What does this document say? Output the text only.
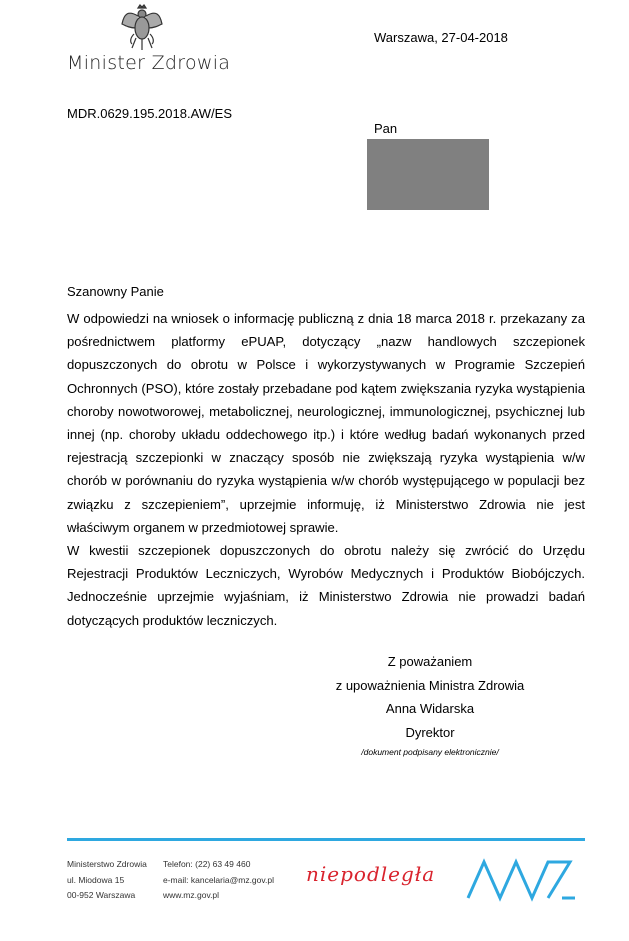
Minister Zdrowia
Warszawa, 27-04-2018
MDR.0629.195.2018.AW/ES
Pan
Szanowny Panie

W odpowiedzi na wniosek o informację publiczną z dnia 18 marca 2018 r. przekazany za pośrednictwem platformy ePUAP, dotyczący „nazw handlowych szczepionek dopuszczonych do obrotu w Polsce i wykorzystywanych w Programie Szczepień Ochronnych (PSO), które zostały przebadane pod kątem zwiększania ryzyka wystąpienia choroby nowotworowej, metabolicznej, neurologicznej, immunologicznej, psychicznej lub innej (np. choroby układu oddechowego itp.) i które według badań wykonanych przed rejestracją szczepionki w znaczący sposób nie zwiększają ryzyka wystąpienia w/w chorób w porównaniu do ryzyka wystąpienia w/w chorób występującego w populacji bez związku z szczepieniem”, uprzejmie informuję, iż Ministerstwo Zdrowia nie jest właściwym organem w przedmiotowej sprawie.

W kwestii szczepionek dopuszczonych do obrotu należy się zwrócić do Urzędu Rejestracji Produktów Leczniczych, Wyrobów Medycznych i Produktów Biobójczych. Jednocześnie uprzejmie wyjaśniam, iż Ministerstwo Zdrowia nie prowadzi badań dotyczących produktów leczniczych.

Z poważaniem
z upoważnienia Ministra Zdrowia
Anna Widarska
Dyrektor
/dokument podpisany elektronicznie/
Ministerstwo Zdrowia
ul. Miodowa 15
00-952 Warszawa
Telefon: (22) 63 49 460
e-mail: kancelaria@mz.gov.pl
www.mz.gov.pl
niepodległa
